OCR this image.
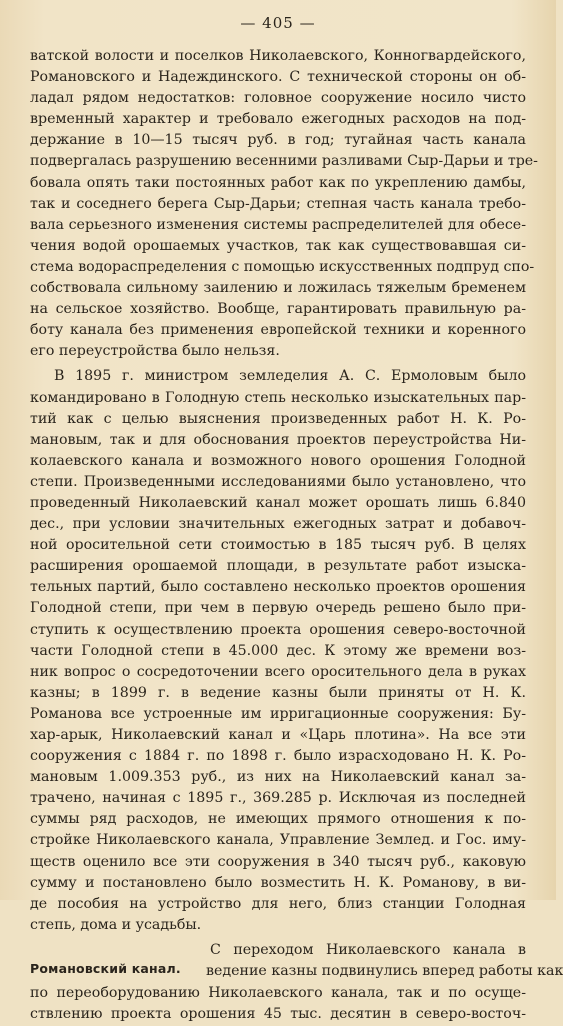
— 405 —
ватской волости и поселков Николаевского, Конногвардейского,
Романовского и Надеждинского. С технической стороны он об-
ладал рядом недостатков: головное сооружение носило чисто
временный характер и требовало ежегодных расходов на под-
держание в 10—15 тысяч руб. в год; тугайная часть канала
подвергалась разрушению весенними разливами Сыр-Дарьи и тре-
бовала опять таки постоянных работ как по укреплению дамбы,
так и соседнего берега Сыр-Дарьи; степная часть канала требо-
вала серьезного изменения системы распределителей для обесе-
чения водой орошаемых участков, так как существовавшая си-
стема водораспределения с помощью искусственных подпруд спо-
собствовала сильному заилению и ложилась тяжелым бременем
на сельское хозяйство. Вообще, гарантировать правильную ра-
боту канала без применения европейской техники и коренного
его переустройства было нельзя.
В 1895 г. министром земледелия А. С. Ермоловым было
командировано в Голодную степь несколько изыскательных пар-
тий как с целью выяснения произведенных работ Н. К. Ро-
мановым, так и для обоснования проектов переустройства Ни-
колаевского канала и возможного нового орошения Голодной
степи. Произведенными исследованиями было установлено, что
проведенный Николаевский канал может орошать лишь 6.840
дес., при условии значительных ежегодных затрат и добавоч-
ной оросительной сети стоимостью в 185 тысяч руб. В целях
расширения орошаемой площади, в результате работ изыска-
тельных партий, было составлено несколько проектов орошения
Голодной степи, при чем в первую очередь решено было при-
ступить к осуществлению проекта орошения северо-восточной
части Голодной степи в 45.000 дес. К этому же времени воз-
ник вопрос о сосредоточении всего оросительного дела в руках
казны; в 1899 г. в ведение казны были приняты от Н. К.
Романова все устроенные им ирригационные сооружения: Бу-
хар-арык, Николаевский канал и «Царь плотина». На все эти
сооружения с 1884 г. по 1898 г. было израсходовано Н. К. Ро-
мановым 1.009.353 руб., из них на Николаевский канал за-
трачено, начиная с 1895 г., 369.285 р. Исключая из последней
суммы ряд расходов, не имеющих прямого отношения к по-
стройке Николаевского канала, Управление Землед. и Гос. иму-
ществ оценило все эти сооружения в 340 тысяч руб., каковую
сумму и постановлено было возместить Н. К. Романову, в ви-
де пособия на устройство для него, близ станции Голодная
степь, дома и усадьбы.
Романовский канал.
С переходом Николаевского канала в
ведение казны подвинулись вперед работы как
по переоборудованию Николаевского канала, так и по осуще-
ствлению проекта орошения 45 тыс. десятин в северо-восточ-
